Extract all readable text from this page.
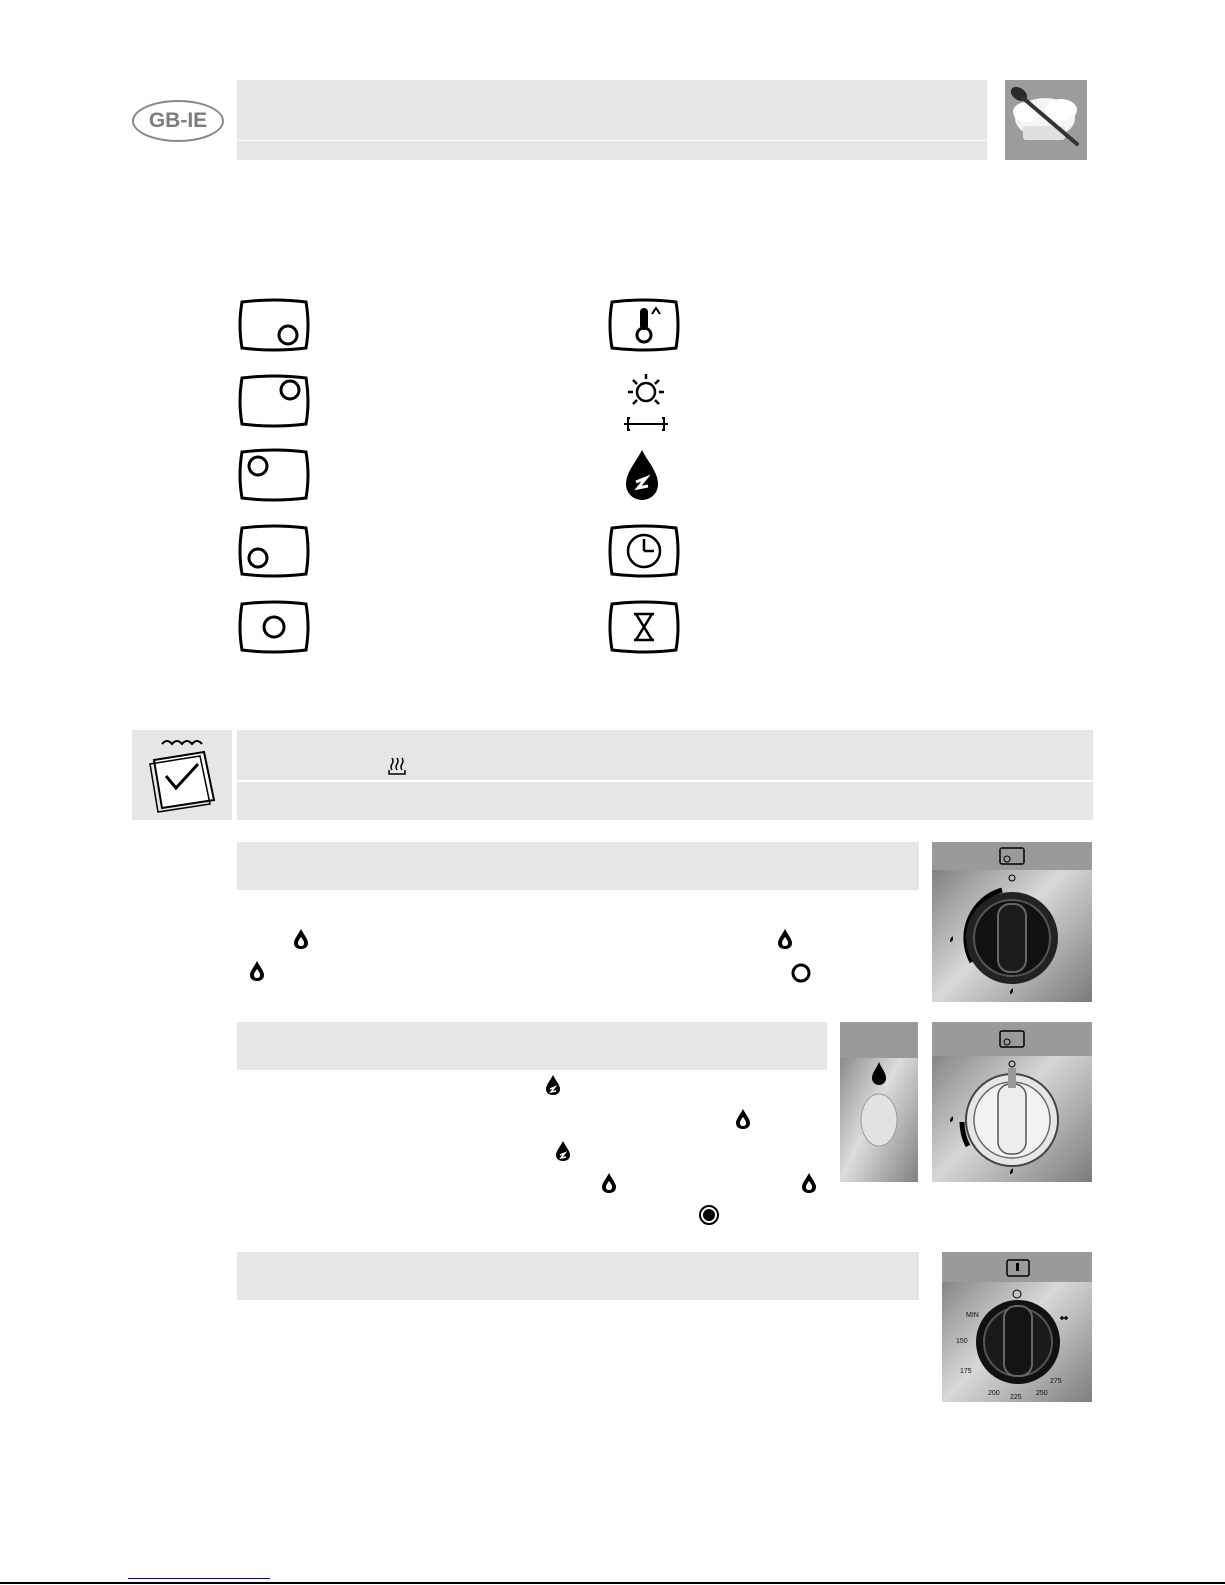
GB-IE
MIN
150
175
200
225
250
275
